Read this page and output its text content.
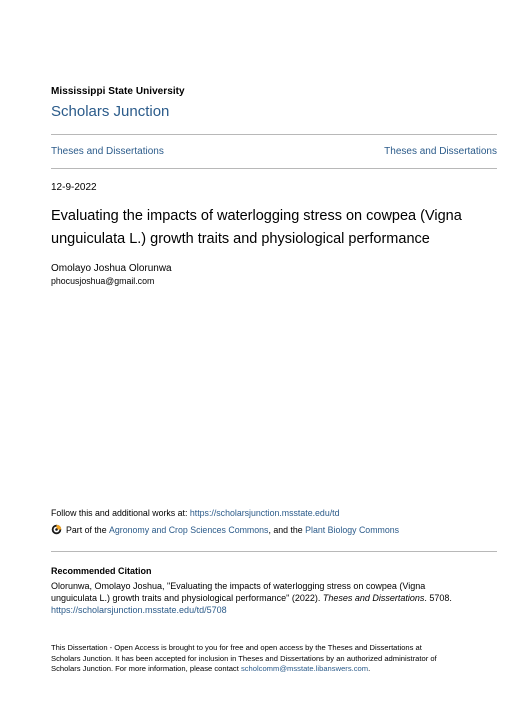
Mississippi State University
Scholars Junction
Theses and Dissertations	Theses and Dissertations
12-9-2022
Evaluating the impacts of waterlogging stress on cowpea (Vigna
unguiculata L.) growth traits and physiological performance
Omolayo Joshua Olorunwa
phocusjoshua@gmail.com
Follow this and additional works at: https://scholarsjunction.msstate.edu/td
Part of the
Agronomy and Crop Sciences Commons , and the
Plant Biology Commons
Recommended Citation
Olorunwa, Omolayo Joshua, "Evaluating the impacts of waterlogging stress on cowpea (Vigna
unguiculata L.) growth traits and physiological performance" (2022). Theses and Dissertations. 5708.
https://scholarsjunction.msstate.edu/td/5708
This Dissertation - Open Access is brought to you for free and open access by the Theses and Dissertations at
Scholars Junction. It has been accepted for inclusion in Theses and Dissertations by an authorized administrator of
Scholars Junction. For more information, please contact scholcomm@msstate.libanswers.com.
